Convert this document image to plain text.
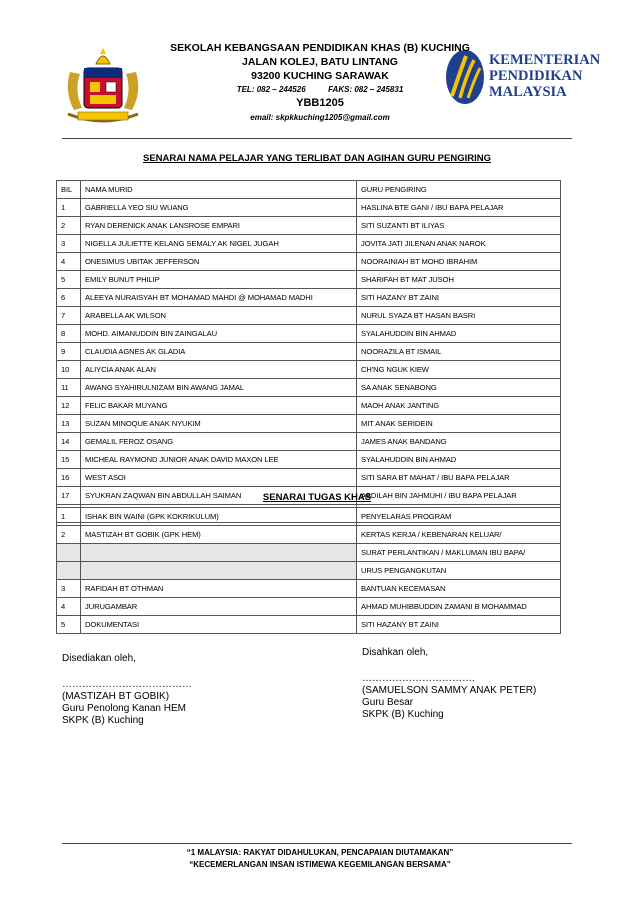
KEMENTERIAN
PENDIDIKAN
MALAYSIA
SEKOLAH KEBANGSAAN PENDIDIKAN KHAS (B) KUCHING
JALAN KOLEJ, BATU LINTANG
93200 KUCHING SARAWAK
TEL: 082 – 244526	FAKS: 082 – 245831
YBB1205
email: skpkkuching1205@gmail.com
SENARAI NAMA PELAJAR YANG TERLIBAT DAN AGIHAN GURU PENGIRING
BIL	NAMA MURID	GURU PENGIRING
1	GABRIELLA YEO SIU WUANG	HASLINA BTE GANI / IBU BAPA PELAJAR
2	RYAN DERENICK ANAK LANSROSE EMPARI	SITI SUZANTI BT ILIYAS
3	NIGELLA JULIETTE KELANG SEMALY AK NIGEL JUGAH	JOVITA JATI JILENAN ANAK NAROK
4	ONESIMUS UBITAK JEFFERSON	NOORAINIAH BT MOHD IBRAHIM
5	EMILY BUNUT PHILIP	SHARIFAH BT MAT JUSOH
6	ALEEYA NURAISYAH BT MOHAMAD MAHDI @ MOHAMAD MADHI	SITI HAZANY BT ZAINI
7	ARABELLA AK WILSON	NURUL SYAZA BT HASAN BASRI
8	MOHD. AIMANUDDIN BIN ZAINGALAU	SYALAHUDDIN BIN AHMAD
9	CLAUDIA AGNES AK GLADIA	NOORAZILA BT ISMAIL
10	ALIYCIA ANAK ALAN	CH'NG NGUK KIEW
11	AWANG SYAHIRULNIZAM BIN AWANG JAMAL	SA ANAK SENABONG
12	FELIC BAKAR MUYANG	MAOH ANAK JANTING
13	SUZAN MINOQUE ANAK NYUKIM	MIT ANAK SERIDEIN
14	GEMALIL FEROZ OSANG	JAMES ANAK BANDANG
15	MICHEAL RAYMOND JUNIOR ANAK DAVID MAXON LEE	SYALAHUDDIN BIN AHMAD
16	WEST ASOI	SITI SARA BT MAHAT / IBU BAPA PELAJAR
17	SYUKRAN ZAQWAN BIN ABDULLAH SAIMAN	ABDILAH BIN JAHMUHI / IBU BAPA PELAJAR

SENARAI TUGAS KHAS
1	ISHAK BIN WAINI (GPK KOKRIKULUM)	PENYELARAS PROGRAM
2	MASTIZAH BT GOBIK (GPK HEM)	KERTAS KERJA / KEBENARAN KELUAR/
		SURAT PERLANTIKAN / MAKLUMAN IBU BAPA/
		URUS PENGANGKUTAN
3	RAFIDAH BT OTHMAN	BANTUAN KECEMASAN
4	JURUGAMBAR	AHMAD MUHIBBUDDIN ZAMANI B MOHAMMAD
5	DOKUMENTASI	SITI HAZANY BT ZAINI
Disediakan oleh,
…………………………………
(MASTIZAH BT GOBIK)
Guru Penolong Kanan HEM
SKPK (B) Kuching
Disahkan oleh,
…………………………….
(SAMUELSON SAMMY ANAK PETER)
Guru Besar
SKPK (B) Kuching
“1 MALAYSIA: RAKYAT DIDAHULUKAN, PENCAPAIAN DIUTAMAKAN”
“KECEMERLANGAN INSAN ISTIMEWA KEGEMILANGAN BERSAMA”
